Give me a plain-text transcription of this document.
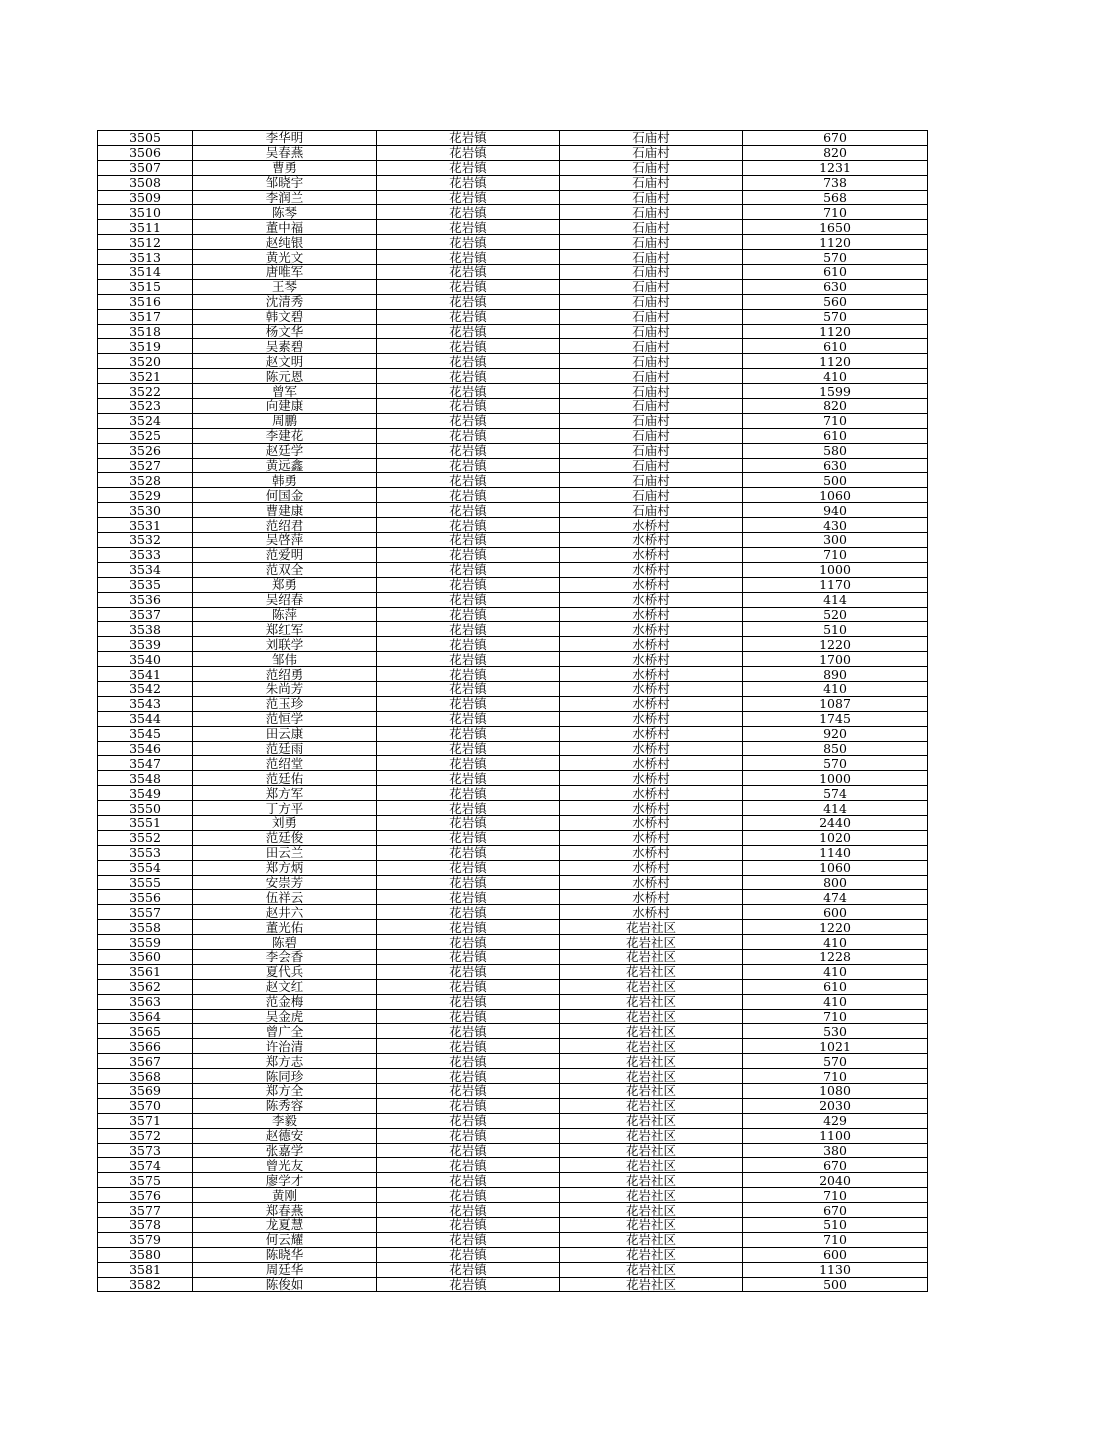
3505	李华明	花岩镇	石庙村	670
3506	吴春燕	花岩镇	石庙村	820
3507	曹勇	花岩镇	石庙村	1231
3508	邹晓宇	花岩镇	石庙村	738
3509	李润兰	花岩镇	石庙村	568
3510	陈琴	花岩镇	石庙村	710
3511	董中福	花岩镇	石庙村	1650
3512	赵纯银	花岩镇	石庙村	1120
3513	黄光文	花岩镇	石庙村	570
3514	唐唯军	花岩镇	石庙村	610
3515	王琴	花岩镇	石庙村	630
3516	沈清秀	花岩镇	石庙村	560
3517	韩文碧	花岩镇	石庙村	570
3518	杨文华	花岩镇	石庙村	1120
3519	吴素碧	花岩镇	石庙村	610
3520	赵文明	花岩镇	石庙村	1120
3521	陈元恩	花岩镇	石庙村	410
3522	曾军	花岩镇	石庙村	1599
3523	向建康	花岩镇	石庙村	820
3524	周鹏	花岩镇	石庙村	710
3525	李建花	花岩镇	石庙村	610
3526	赵廷学	花岩镇	石庙村	580
3527	黄远鑫	花岩镇	石庙村	630
3528	韩勇	花岩镇	石庙村	500
3529	何国金	花岩镇	石庙村	1060
3530	曹建康	花岩镇	石庙村	940
3531	范绍君	花岩镇	水桥村	430
3532	吴啓萍	花岩镇	水桥村	300
3533	范爱明	花岩镇	水桥村	710
3534	范双全	花岩镇	水桥村	1000
3535	郑勇	花岩镇	水桥村	1170
3536	吴绍春	花岩镇	水桥村	414
3537	陈萍	花岩镇	水桥村	520
3538	郑红军	花岩镇	水桥村	510
3539	刘联学	花岩镇	水桥村	1220
3540	邹伟	花岩镇	水桥村	1700
3541	范绍勇	花岩镇	水桥村	890
3542	朱尚芳	花岩镇	水桥村	410
3543	范玉珍	花岩镇	水桥村	1087
3544	范恒学	花岩镇	水桥村	1745
3545	田云康	花岩镇	水桥村	920
3546	范廷雨	花岩镇	水桥村	850
3547	范绍堂	花岩镇	水桥村	570
3548	范廷佑	花岩镇	水桥村	1000
3549	郑方军	花岩镇	水桥村	574
3550	丁方平	花岩镇	水桥村	414
3551	刘勇	花岩镇	水桥村	2440
3552	范廷俊	花岩镇	水桥村	1020
3553	田云兰	花岩镇	水桥村	1140
3554	郑方炳	花岩镇	水桥村	1060
3555	安崇芳	花岩镇	水桥村	800
3556	伍祥云	花岩镇	水桥村	474
3557	赵井六	花岩镇	水桥村	600
3558	董光佑	花岩镇	花岩社区	1220
3559	陈碧	花岩镇	花岩社区	410
3560	李会香	花岩镇	花岩社区	1228
3561	夏代兵	花岩镇	花岩社区	410
3562	赵文红	花岩镇	花岩社区	610
3563	范金梅	花岩镇	花岩社区	410
3564	吴金虎	花岩镇	花岩社区	710
3565	曾广全	花岩镇	花岩社区	530
3566	许治清	花岩镇	花岩社区	1021
3567	郑方志	花岩镇	花岩社区	570
3568	陈同珍	花岩镇	花岩社区	710
3569	郑方全	花岩镇	花岩社区	1080
3570	陈秀容	花岩镇	花岩社区	2030
3571	李毅	花岩镇	花岩社区	429
3572	赵德安	花岩镇	花岩社区	1100
3573	张嘉学	花岩镇	花岩社区	380
3574	曾光友	花岩镇	花岩社区	670
3575	廖学才	花岩镇	花岩社区	2040
3576	黄刚	花岩镇	花岩社区	710
3577	郑春燕	花岩镇	花岩社区	670
3578	龙夏慧	花岩镇	花岩社区	510
3579	何云耀	花岩镇	花岩社区	710
3580	陈晓华	花岩镇	花岩社区	600
3581	周廷华	花岩镇	花岩社区	1130
3582	陈俊如	花岩镇	花岩社区	500
